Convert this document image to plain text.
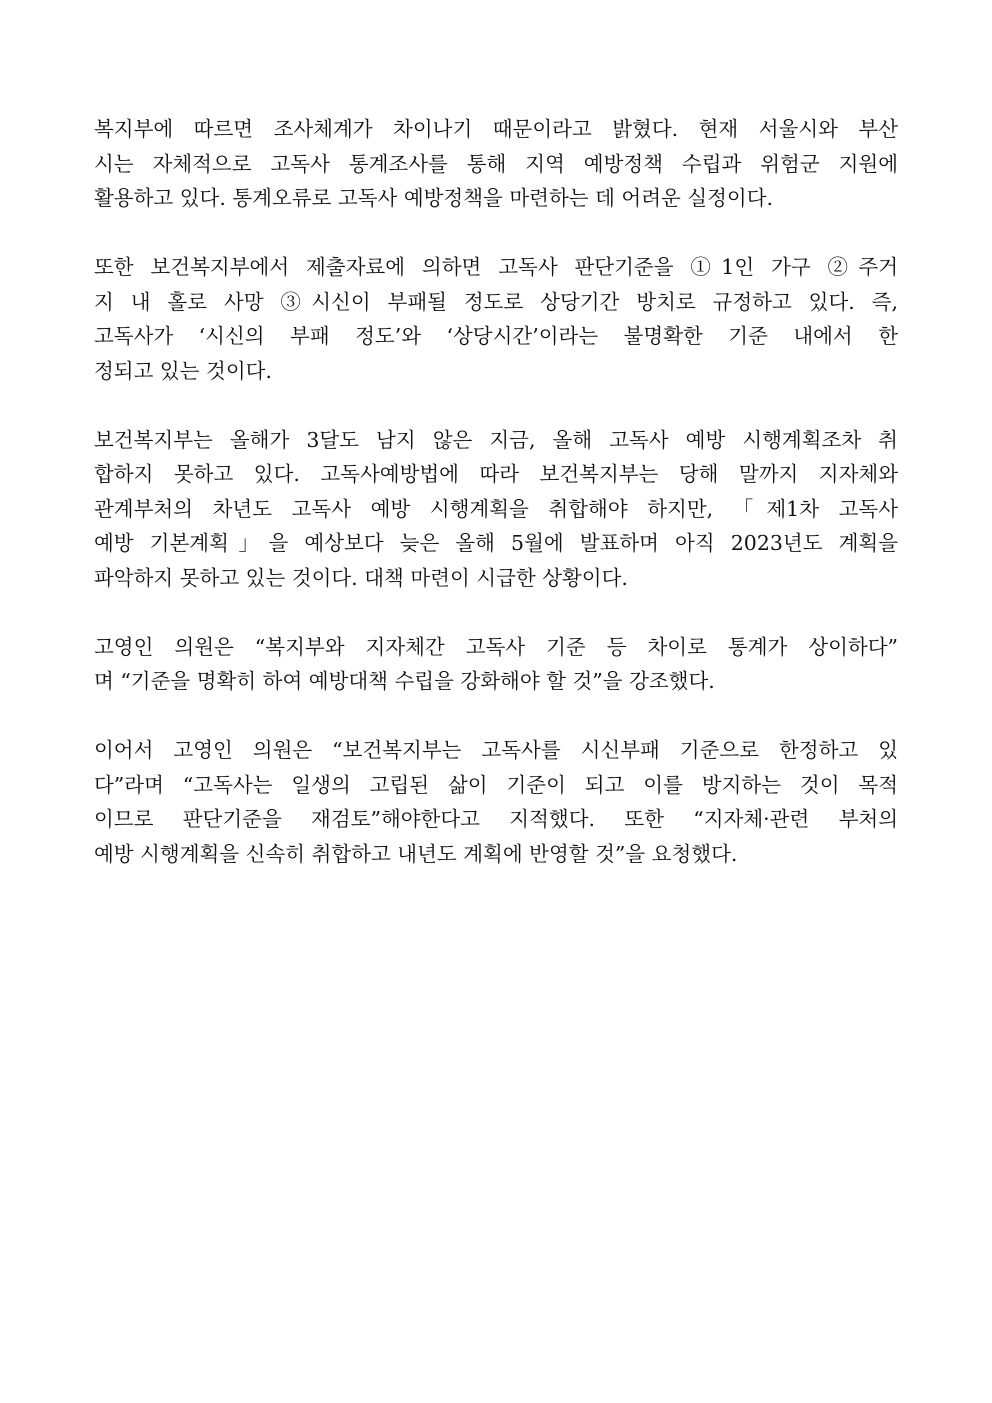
복지부에 따르면 조사체계가 차이나기 때문이라고 밝혔다. 현재 서울시와 부산
시는 자체적으로 고독사 통계조사를 통해 지역 예방정책 수립과 위험군 지원에
활용하고 있다. 통계오류로 고독사 예방정책을 마련하는 데 어려운 실정이다.

또한 보건복지부에서 제출자료에 의하면 고독사 판단기준을 ①1인 가구 ②주거
지 내 홀로 사망 ③시신이 부패될 정도로 상당기간 방치로 규정하고 있다. 즉,
고독사가 ‘시신의 부패 정도’와 ‘상당시간’이라는 불명확한 기준 내에서 한
정되고 있는 것이다.

보건복지부는 올해가 3달도 남지 않은 지금, 올해 고독사 예방 시행계획조차 취
합하지 못하고 있다. 고독사예방법에 따라 보건복지부는 당해 말까지 지자체와
관계부처의 차년도 고독사 예방 시행계획을 취합해야 하지만, 「제1차 고독사
예방 기본계획」을 예상보다 늦은 올해 5월에 발표하며 아직 2023년도 계획을
파악하지 못하고 있는 것이다. 대책 마련이 시급한 상황이다.

고영인 의원은 “복지부와 지자체간 고독사 기준 등 차이로 통계가 상이하다”
며 “기준을 명확히 하여 예방대책 수립을 강화해야 할 것”을 강조했다.

이어서 고영인 의원은 “보건복지부는 고독사를 시신부패 기준으로 한정하고 있
다”라며 “고독사는 일생의 고립된 삶이 기준이 되고 이를 방지하는 것이 목적
이므로 판단기준을 재검토”해야한다고 지적했다. 또한 “지자체·관련 부처의
예방 시행계획을 신속히 취합하고 내년도 계획에 반영할 것”을 요청했다.
